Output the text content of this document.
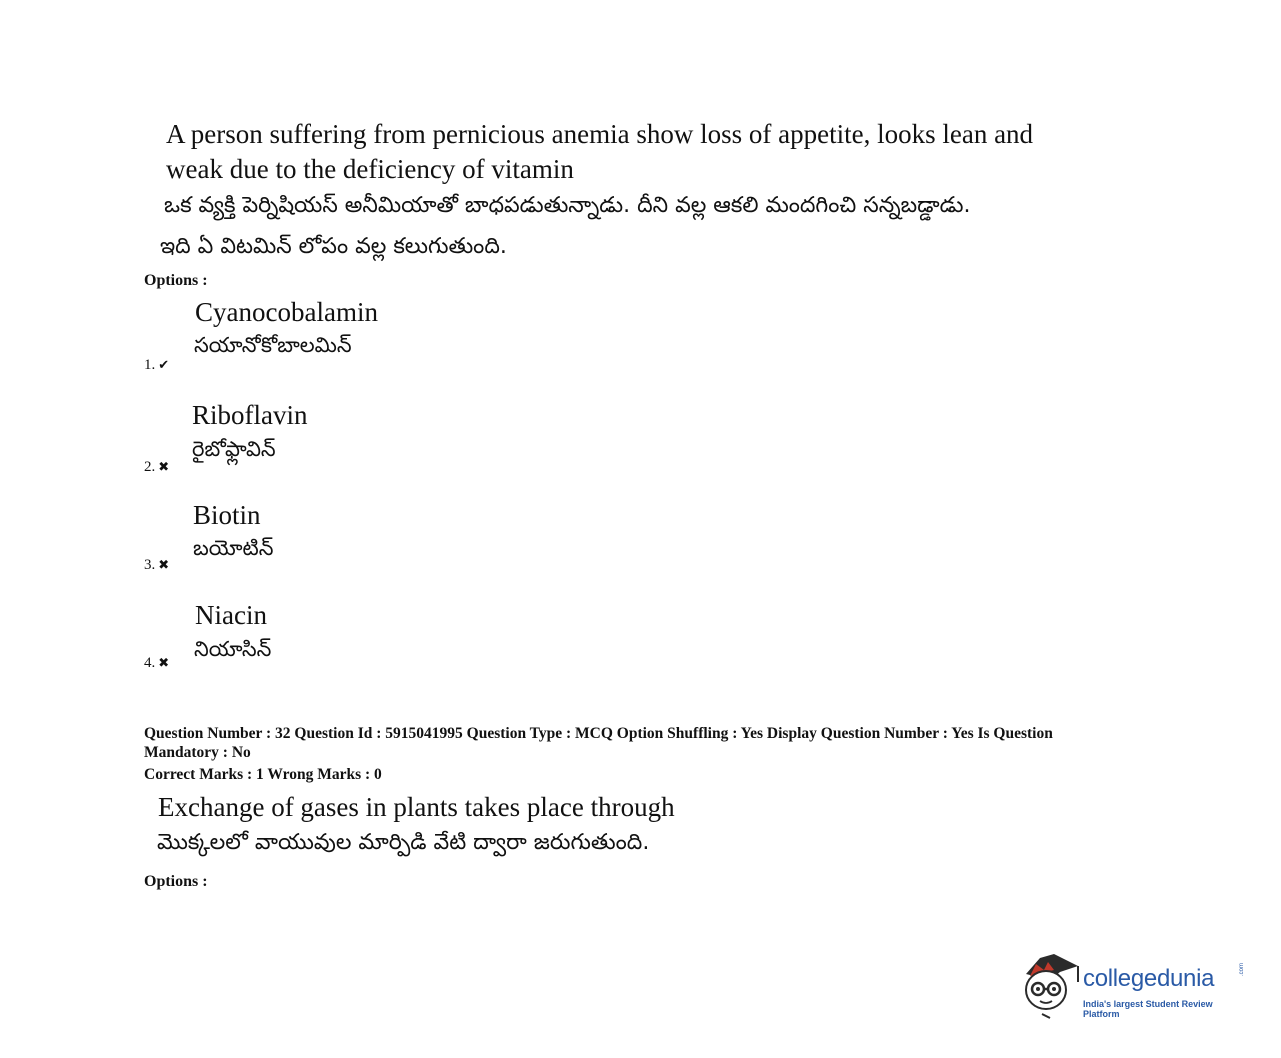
A person suffering from pernicious anemia show loss of appetite, looks lean and
weak due to the deficiency of vitamin
ఒక వ్యక్తి పెర్నిషియస్ అనీమియాతో బాధపడుతున్నాడు. దీని వల్ల ఆకలి మందగించి సన్నబడ్డాడు.
ఇది ఏ విటమిన్ లోపం వల్ల కలుగుతుంది.
Options :
Cyanocobalamin
సయానోకోబాలమిన్
1. ✔
Riboflavin
రైబోఫ్లావిన్
2. ✖
Biotin
బయోటిన్
3. ✖
Niacin
నియాసిన్
4. ✖
Question Number : 32 Question Id : 5915041995 Question Type : MCQ Option Shuffling : Yes Display Question Number : Yes Is Question
Mandatory : No
Correct Marks : 1 Wrong Marks : 0
Exchange of gases in plants takes place through
మొక్కలలో వాయువుల మార్పిడి వేటి ద్వారా జరుగుతుంది.
Options :
collegedunia	.com
India's largest Student Review Platform
